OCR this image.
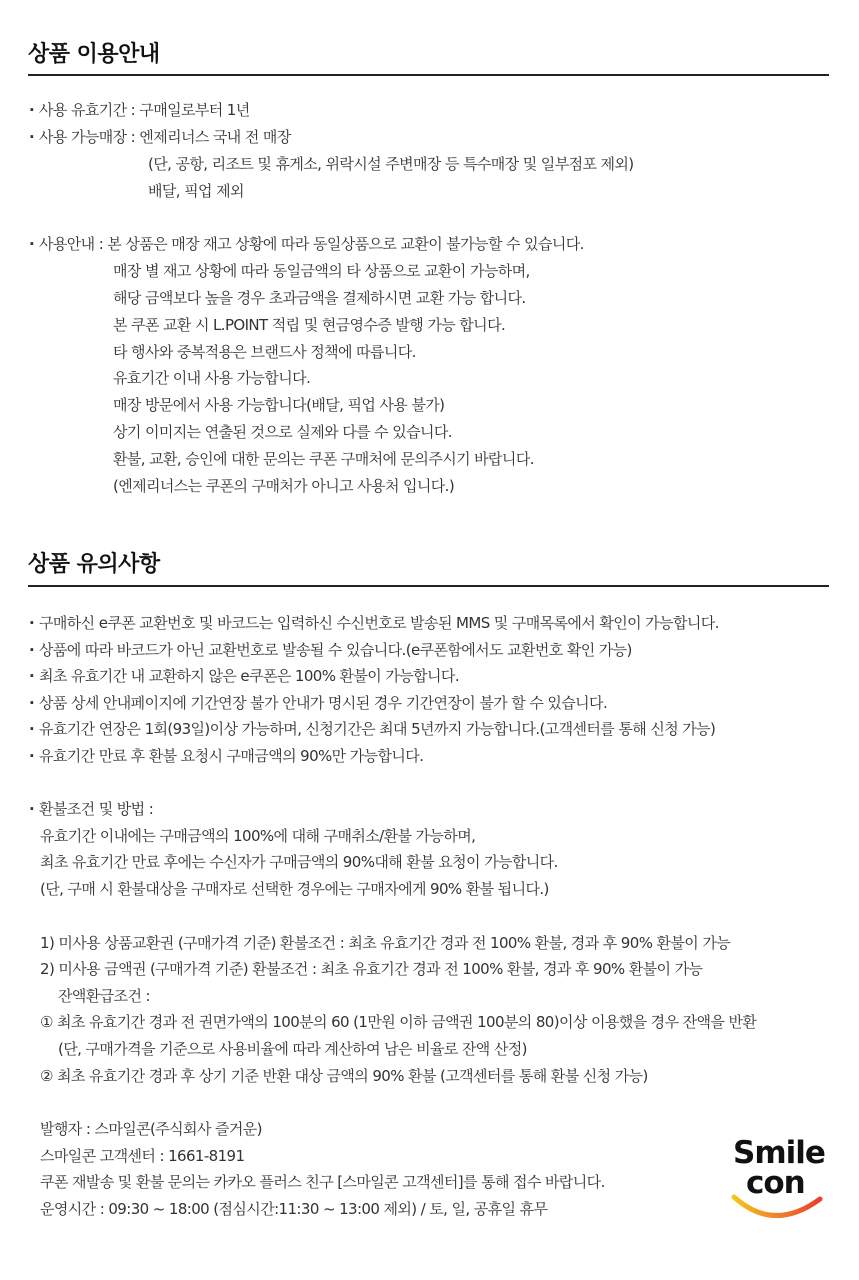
상품 이용안내
· 사용 유효기간 : 구매일로부터 1년
· 사용 가능매장 : 엔제리너스 국내 전 매장
(단, 공항, 리조트 및 휴게소, 위락시설 주변매장 등 특수매장 및 일부점포 제외)
배달, 픽업 제외
· 사용안내 : 본 상품은 매장 재고 상황에 따라 동일상품으로 교환이 불가능할 수 있습니다.
매장 별 재고 상황에 따라 동일금액의 타 상품으로 교환이 가능하며,
해당 금액보다 높을 경우 초과금액을 결제하시면 교환 가능 합니다.
본 쿠폰 교환 시 L.POINT 적립 및 현금영수증 발행 가능 합니다.
타 행사와 중복적용은 브랜드사 정책에 따릅니다.
유효기간 이내 사용 가능합니다.
매장 방문에서 사용 가능합니다(배달, 픽업 사용 불가)
상기 이미지는 연출된 것으로 실제와 다를 수 있습니다.
환불, 교환, 승인에 대한 문의는 쿠폰 구매처에 문의주시기 바랍니다.
(엔제리너스는 쿠폰의 구매처가 아니고 사용처 입니다.)
상품 유의사항
· 구매하신 e쿠폰 교환번호 및 바코드는 입력하신 수신번호로 발송된 MMS 및 구매목록에서 확인이 가능합니다.
· 상품에 따라 바코드가 아닌 교환번호로 발송될 수 있습니다.(e쿠폰함에서도 교환번호 확인 가능)
· 최초 유효기간 내 교환하지 않은 e쿠폰은 100% 환불이 가능합니다.
· 상품 상세 안내페이지에 기간연장 불가 안내가 명시된 경우 기간연장이 불가 할 수 있습니다.
· 유효기간 연장은 1회(93일)이상 가능하며, 신청기간은 최대 5년까지 가능합니다.(고객센터를 통해 신청 가능)
· 유효기간 만료 후 환불 요청시 구매금액의 90%만 가능합니다.
· 환불조건 및 방법 :
유효기간 이내에는 구매금액의 100%에 대해 구매취소/환불 가능하며,
최초 유효기간 만료 후에는 수신자가 구매금액의 90%대해 환불 요청이 가능합니다.
(단, 구매 시 환불대상을 구매자로 선택한 경우에는 구매자에게 90% 환불 됩니다.)
1) 미사용 상품교환권 (구매가격 기준) 환불조건 : 최초 유효기간 경과 전 100% 환불, 경과 후 90% 환불이 가능
2) 미사용 금액권 (구매가격 기준) 환불조건 : 최초 유효기간 경과 전 100% 환불, 경과 후 90% 환불이 가능
잔액환급조건 :
① 최초 유효기간 경과 전 권면가액의 100분의 60 (1만원 이하 금액권 100분의 80)이상 이용했을 경우 잔액을 반환
(단, 구매가격을 기준으로 사용비율에 따라 계산하여 남은 비율로 잔액 산정)
② 최초 유효기간 경과 후 상기 기준 반환 대상 금액의 90% 환불 (고객센터를 통해 환불 신청 가능)
발행자 : 스마일콘(주식회사 즐거운)
스마일콘 고객센터 : 1661-8191
쿠폰 재발송 및 환불 문의는 카카오 플러스 친구 [스마일콘 고객센터]를 통해 접수 바랍니다.
운영시간 : 09:30 ~ 18:00 (점심시간:11:30 ~ 13:00 제외) / 토, 일, 공휴일 휴무
Smile
con
